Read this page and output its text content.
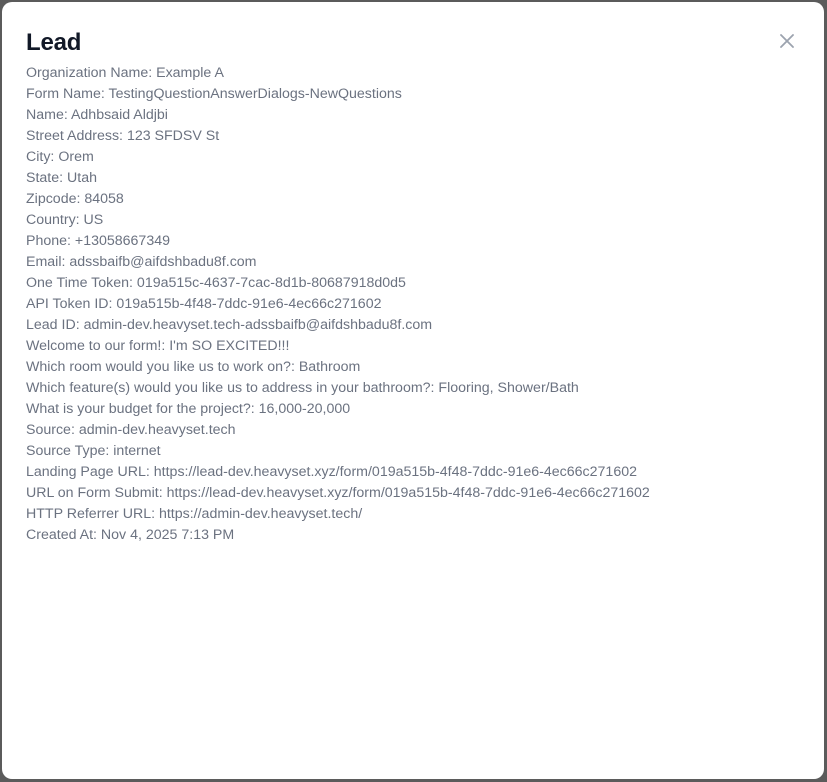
Lead
Organization Name: Example A
Form Name: TestingQuestionAnswerDialogs-NewQuestions
Name: Adhbsaid Aldjbi
Street Address: 123 SFDSV St
City: Orem
State: Utah
Zipcode: 84058
Country: US
Phone: +13058667349
Email: adssbaifb@aifdshbadu8f.com
One Time Token: 019a515c-4637-7cac-8d1b-80687918d0d5
API Token ID: 019a515b-4f48-7ddc-91e6-4ec66c271602
Lead ID: admin-dev.heavyset.tech-adssbaifb@aifdshbadu8f.com
Welcome to our form!: I'm SO EXCITED!!!
Which room would you like us to work on?: Bathroom
Which feature(s) would you like us to address in your bathroom?: Flooring, Shower/Bath
What is your budget for the project?: 16,000-20,000
Source: admin-dev.heavyset.tech
Source Type: internet
Landing Page URL: https://lead-dev.heavyset.xyz/form/019a515b-4f48-7ddc-91e6-4ec66c271602
URL on Form Submit: https://lead-dev.heavyset.xyz/form/019a515b-4f48-7ddc-91e6-4ec66c271602
HTTP Referrer URL: https://admin-dev.heavyset.tech/
Created At: Nov 4, 2025 7:13 PM
